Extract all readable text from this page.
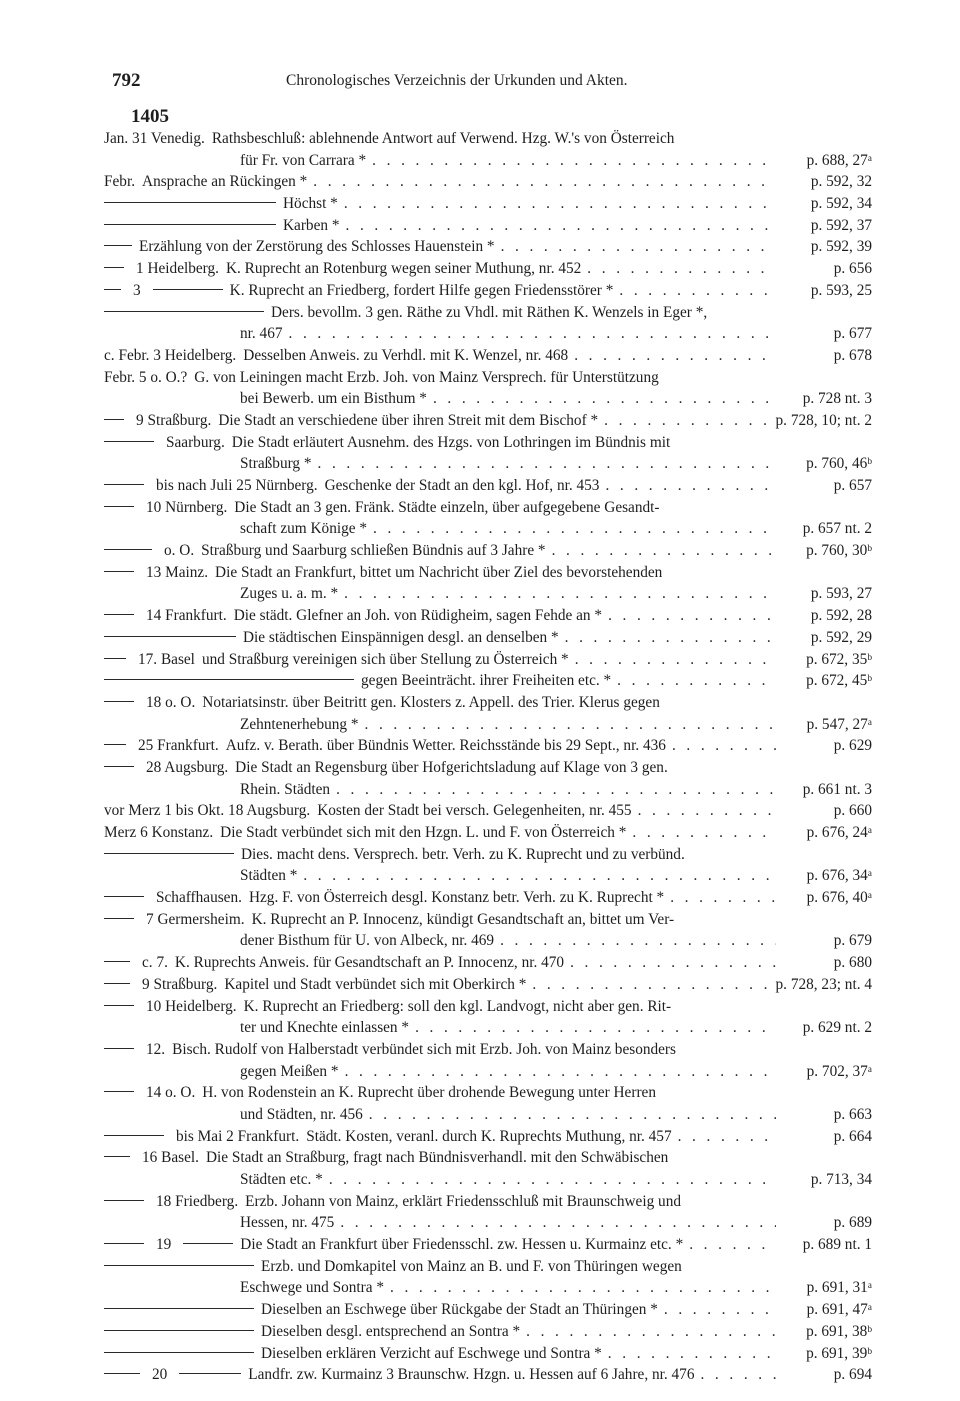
792	Chronologisches Verzeichnis der Urkunden und Akten.
1405
Jan. 31 Venedig. Rathsbeschluß: ablehnende Antwort auf Verwend. Hzg. W.'s von Österreich
für Fr. von Carrara * . . .	p. 688, 27ᵃ
Febr. Ansprache an Rückingen * . . .	p. 592, 32
Höchst * . . .	p. 592, 34
Karben * . . .	p. 592, 37
Erzählung von der Zerstörung des Schlosses Hauenstein * . . .	p. 592, 39
1 Heidelberg. K. Ruprecht an Rotenburg wegen seiner Muthung, nr. 452 . . .	p. 656
3	K. Ruprecht an Friedberg, fordert Hilfe gegen Friedensstörer * . . .	p. 593, 25
Ders. bevollm. 3 gen. Räthe zu Vhdl. mit Räthen K. Wenzels in Eger *,
nr. 467 . . .	p. 677
c. Febr. 3 Heidelberg. Desselben Anweis. zu Verhdl. mit K. Wenzel, nr. 468 . . .	p. 678
Febr. 5 o. O.? G. von Leiningen macht Erzb. Joh. von Mainz Versprech. für Unterstützung
bei Bewerb. um ein Bisthum * . . .	p. 728 nt. 3
9 Straßburg. Die Stadt an verschiedene über ihren Streit mit dem Bischof * . . .	p. 728, 10; nt. 2
Saarburg. Die Stadt erläutert Ausnehm. des Hzgs. von Lothringen im Bündnis mit
Straßburg * . . .	p. 760, 46ᵇ
bis nach Juli 25 Nürnberg. Geschenke der Stadt an den kgl. Hof, nr. 453 . . .	p. 657
10 Nürnberg. Die Stadt an 3 gen. Fränk. Städte einzeln, über aufgegebene Gesandt-
schaft zum Könige * . . .	p. 657 nt. 2
o. O. Straßburg und Saarburg schließen Bündnis auf 3 Jahre * . . .	p. 760, 30ᵇ
13 Mainz. Die Stadt an Frankfurt, bittet um Nachricht über Ziel des bevorstehenden
Zuges u. a. m. * . . .	p. 593, 27
14 Frankfurt. Die städt. Glefner an Joh. von Rüdigheim, sagen Fehde an * . . .	p. 592, 28
Die städtischen Einspännigen desgl. an denselben * . . .	p. 592, 29
17. Basel und Straßburg vereinigen sich über Stellung zu Österreich * . . .	p. 672, 35ᵇ
gegen Beeinträcht. ihrer Freiheiten etc. * . . .	p. 672, 45ᵇ
18 o. O. Notariatsinstr. über Beitritt gen. Klosters z. Appell. des Trier. Klerus gegen
Zehntenerhebung * . . .	p. 547, 27ᵃ
25 Frankfurt. Aufz. v. Berath. über Bündnis Wetter. Reichsstände bis 29 Sept., nr. 436 . . .	p. 629
28 Augsburg. Die Stadt an Regensburg über Hofgerichtsladung auf Klage von 3 gen.
Rhein. Städten . . .	p. 661 nt. 3
vor Merz 1 bis Okt. 18 Augsburg. Kosten der Stadt bei versch. Gelegenheiten, nr. 455 . . .	p. 660
Merz 6 Konstanz. Die Stadt verbündet sich mit den Hzgn. L. und F. von Österreich * . . .	p. 676, 24ᵃ
Dies. macht dens. Versprech. betr. Verh. zu K. Ruprecht und zu verbünd.
Städten * . . .	p. 676, 34ᵃ
Schaffhausen. Hzg. F. von Österreich desgl. Konstanz betr. Verh. zu K. Ruprecht * . . .	p. 676, 40ᵃ
7 Germersheim. K. Ruprecht an P. Innocenz, kündigt Gesandtschaft an, bittet um Ver-
dener Bisthum für U. von Albeck, nr. 469 . . .	p. 679
c. 7. K. Ruprechts Anweis. für Gesandtschaft an P. Innocenz, nr. 470 . . .	p. 680
9 Straßburg. Kapitel und Stadt verbündet sich mit Oberkirch * . . .	p. 728, 23; nt. 4
10 Heidelberg. K. Ruprecht an Friedberg: soll den kgl. Landvogt, nicht aber gen. Rit-
ter und Knechte einlassen * . . .	p. 629 nt. 2
12. Bisch. Rudolf von Halberstadt verbündet sich mit Erzb. Joh. von Mainz besonders
gegen Meißen * . . .	p. 702, 37ᵃ
14 o. O. H. von Rodenstein an K. Ruprecht über drohende Bewegung unter Herren
und Städten, nr. 456 . . .	p. 663
bis Mai 2 Frankfurt. Städt. Kosten, veranl. durch K. Ruprechts Muthung, nr. 457 . . .	p. 664
16 Basel. Die Stadt an Straßburg, fragt nach Bündnisverhandl. mit den Schwäbischen
Städten etc. * . . .	p. 713, 34
18 Friedberg. Erzb. Johann von Mainz, erklärt Friedensschluß mit Braunschweig und
Hessen, nr. 475 . . .	p. 689
19	Die Stadt an Frankfurt über Friedensschl. zw. Hessen u. Kurmainz etc. * . . .	p. 689 nt. 1
Erzb. und Domkapitel von Mainz an B. und F. von Thüringen wegen
Eschwege und Sontra * . . .	p. 691, 31ᵃ
Dieselben an Eschwege über Rückgabe der Stadt an Thüringen * . . .	p. 691, 47ᵃ
Dieselben desgl. entsprechend an Sontra * . . .	p. 691, 38ᵇ
Dieselben erklären Verzicht auf Eschwege und Sontra * . . .	p. 691, 39ᵇ
20	Landfr. zw. Kurmainz 3 Braunschw. Hzgn. u. Hessen auf 6 Jahre, nr. 476 . . .	p. 694
